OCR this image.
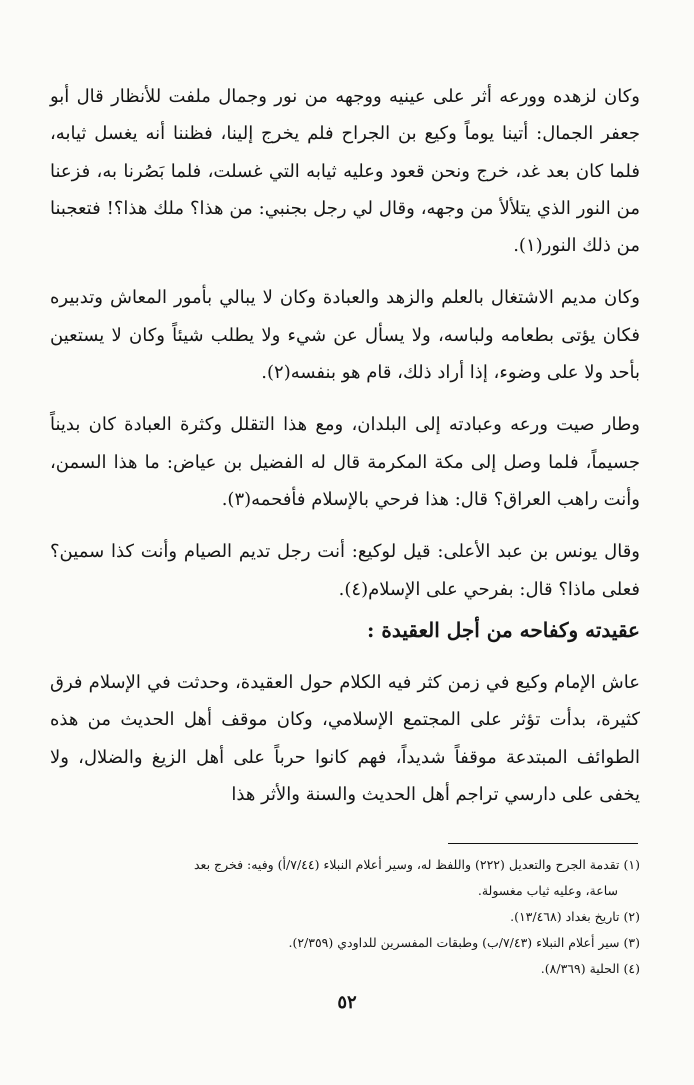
وكان لزهده وورعه أثر على عينيه ووجهه من نور وجمال ملفت للأنظار قال أبو جعفر الجمال: أتينا يوماً وكيع بن الجراح فلم يخرج إلينا، فظننا أنه يغسل ثيابه، فلما كان بعد غد، خرج ونحن قعود وعليه ثيابه التي غسلت، فلما بَصُرنا به، فزعنا من النور الذي يتلألأ من وجهه، وقال لي رجل بجنبي: من هذا؟ ملك هذا؟! فتعجبنا من ذلك النور(١).

وكان مديم الاشتغال بالعلم والزهد والعبادة وكان لا يبالي بأمور المعاش وتدبيره فكان يؤتى بطعامه ولباسه، ولا يسأل عن شيء ولا يطلب شيئاً وكان لا يستعين بأحد ولا على وضوء، إذا أراد ذلك، قام هو بنفسه(٢).

وطار صيت ورعه وعبادته إلى البلدان، ومع هذا التقلل وكثرة العبادة كان بديناً جسيماً، فلما وصل إلى مكة المكرمة قال له الفضيل بن عياض: ما هذا السمن، وأنت راهب العراق؟ قال: هذا فرحي بالإسلام فأفحمه(٣).

وقال يونس بن عبد الأعلى: قيل لوكيع: أنت رجل تديم الصيام وأنت كذا سمين؟ فعلى ماذا؟ قال: بفرحي على الإسلام(٤).

عقيدته وكفاحه من أجل العقيدة :
عاش الإمام وكيع في زمن كثر فيه الكلام حول العقيدة، وحدثت في الإسلام فرق كثيرة، بدأت تؤثر على المجتمع الإسلامي، وكان موقف أهل الحديث من هذه الطوائف المبتدعة موقفاً شديداً، فهم كانوا حرباً على أهل الزيغ والضلال، ولا يخفى على دارسي تراجم أهل الحديث والسنة والأثر هذا

(١) تقدمة الجرح والتعديل (٢٢٢) واللفظ له، وسير أعلام النبلاء (٧/٤٤/أ) وفيه: فخرج بعد

ساعة، وعليه ثياب مغسولة.

(٢) تاريخ بغداد (١٣/٤٦٨).

(٣) سير أعلام النبلاء (٧/٤٣/ب) وطبقات المفسرين للداودي (٢/٣٥٩).

(٤) الحلية (٨/٣٦٩).

٥٢
